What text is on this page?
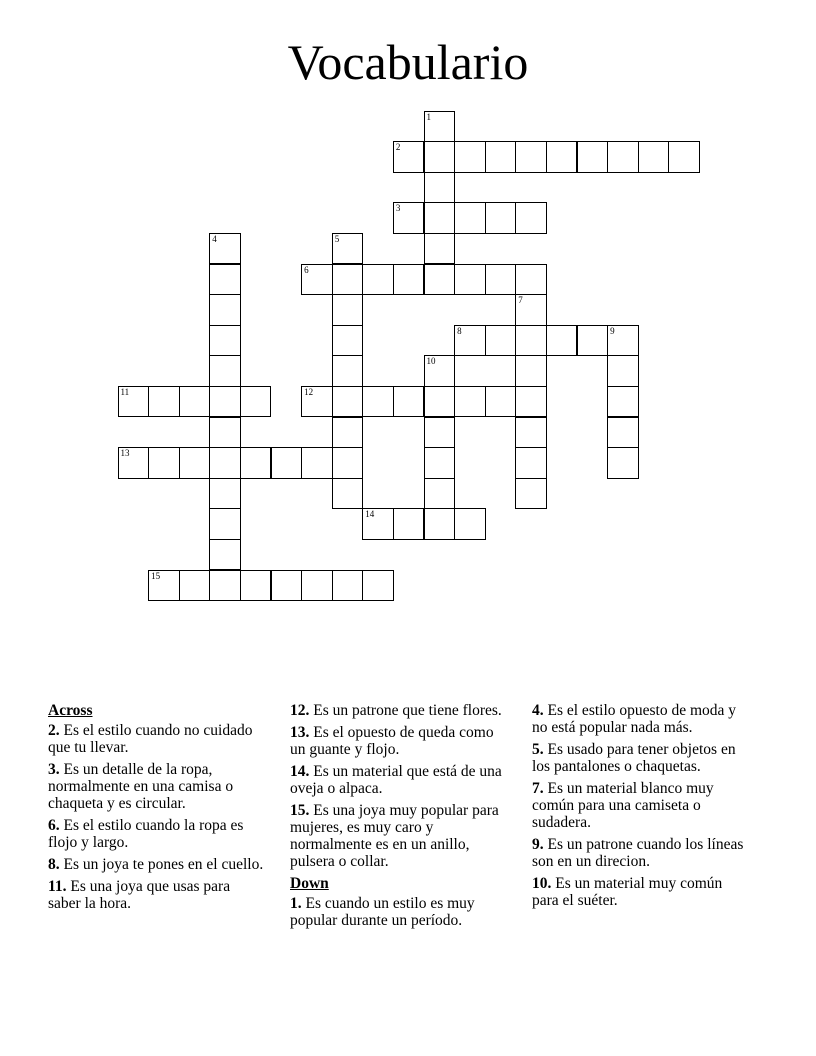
Vocabulario
1
2
3
4	5
6
7
8	9
10
11	12
13
14
15
Across
2. Es el estilo cuando no cuidado que tu llevar.
3. Es un detalle de la ropa, normalmente en una camisa o chaqueta y es circular.
6. Es el estilo cuando la ropa es flojo y largo.
8. Es un joya te pones en el cuello.
11. Es una joya que usas para saber la hora.
12. Es un patrone que tiene flores.
13. Es el opuesto de queda como un guante y flojo.
14. Es un material que está de una oveja o alpaca.
15. Es una joya muy popular para mujeres, es muy caro y normalmente es en un anillo, pulsera o collar.
Down
1. Es cuando un estilo es muy popular durante un período.
4. Es el estilo opuesto de moda y no está popular nada más.
5. Es usado para tener objetos en los pantalones o chaquetas.
7. Es un material blanco muy común para una camiseta o sudadera.
9. Es un patrone cuando los líneas son en un direcion.
10. Es un material muy común para el suéter.
